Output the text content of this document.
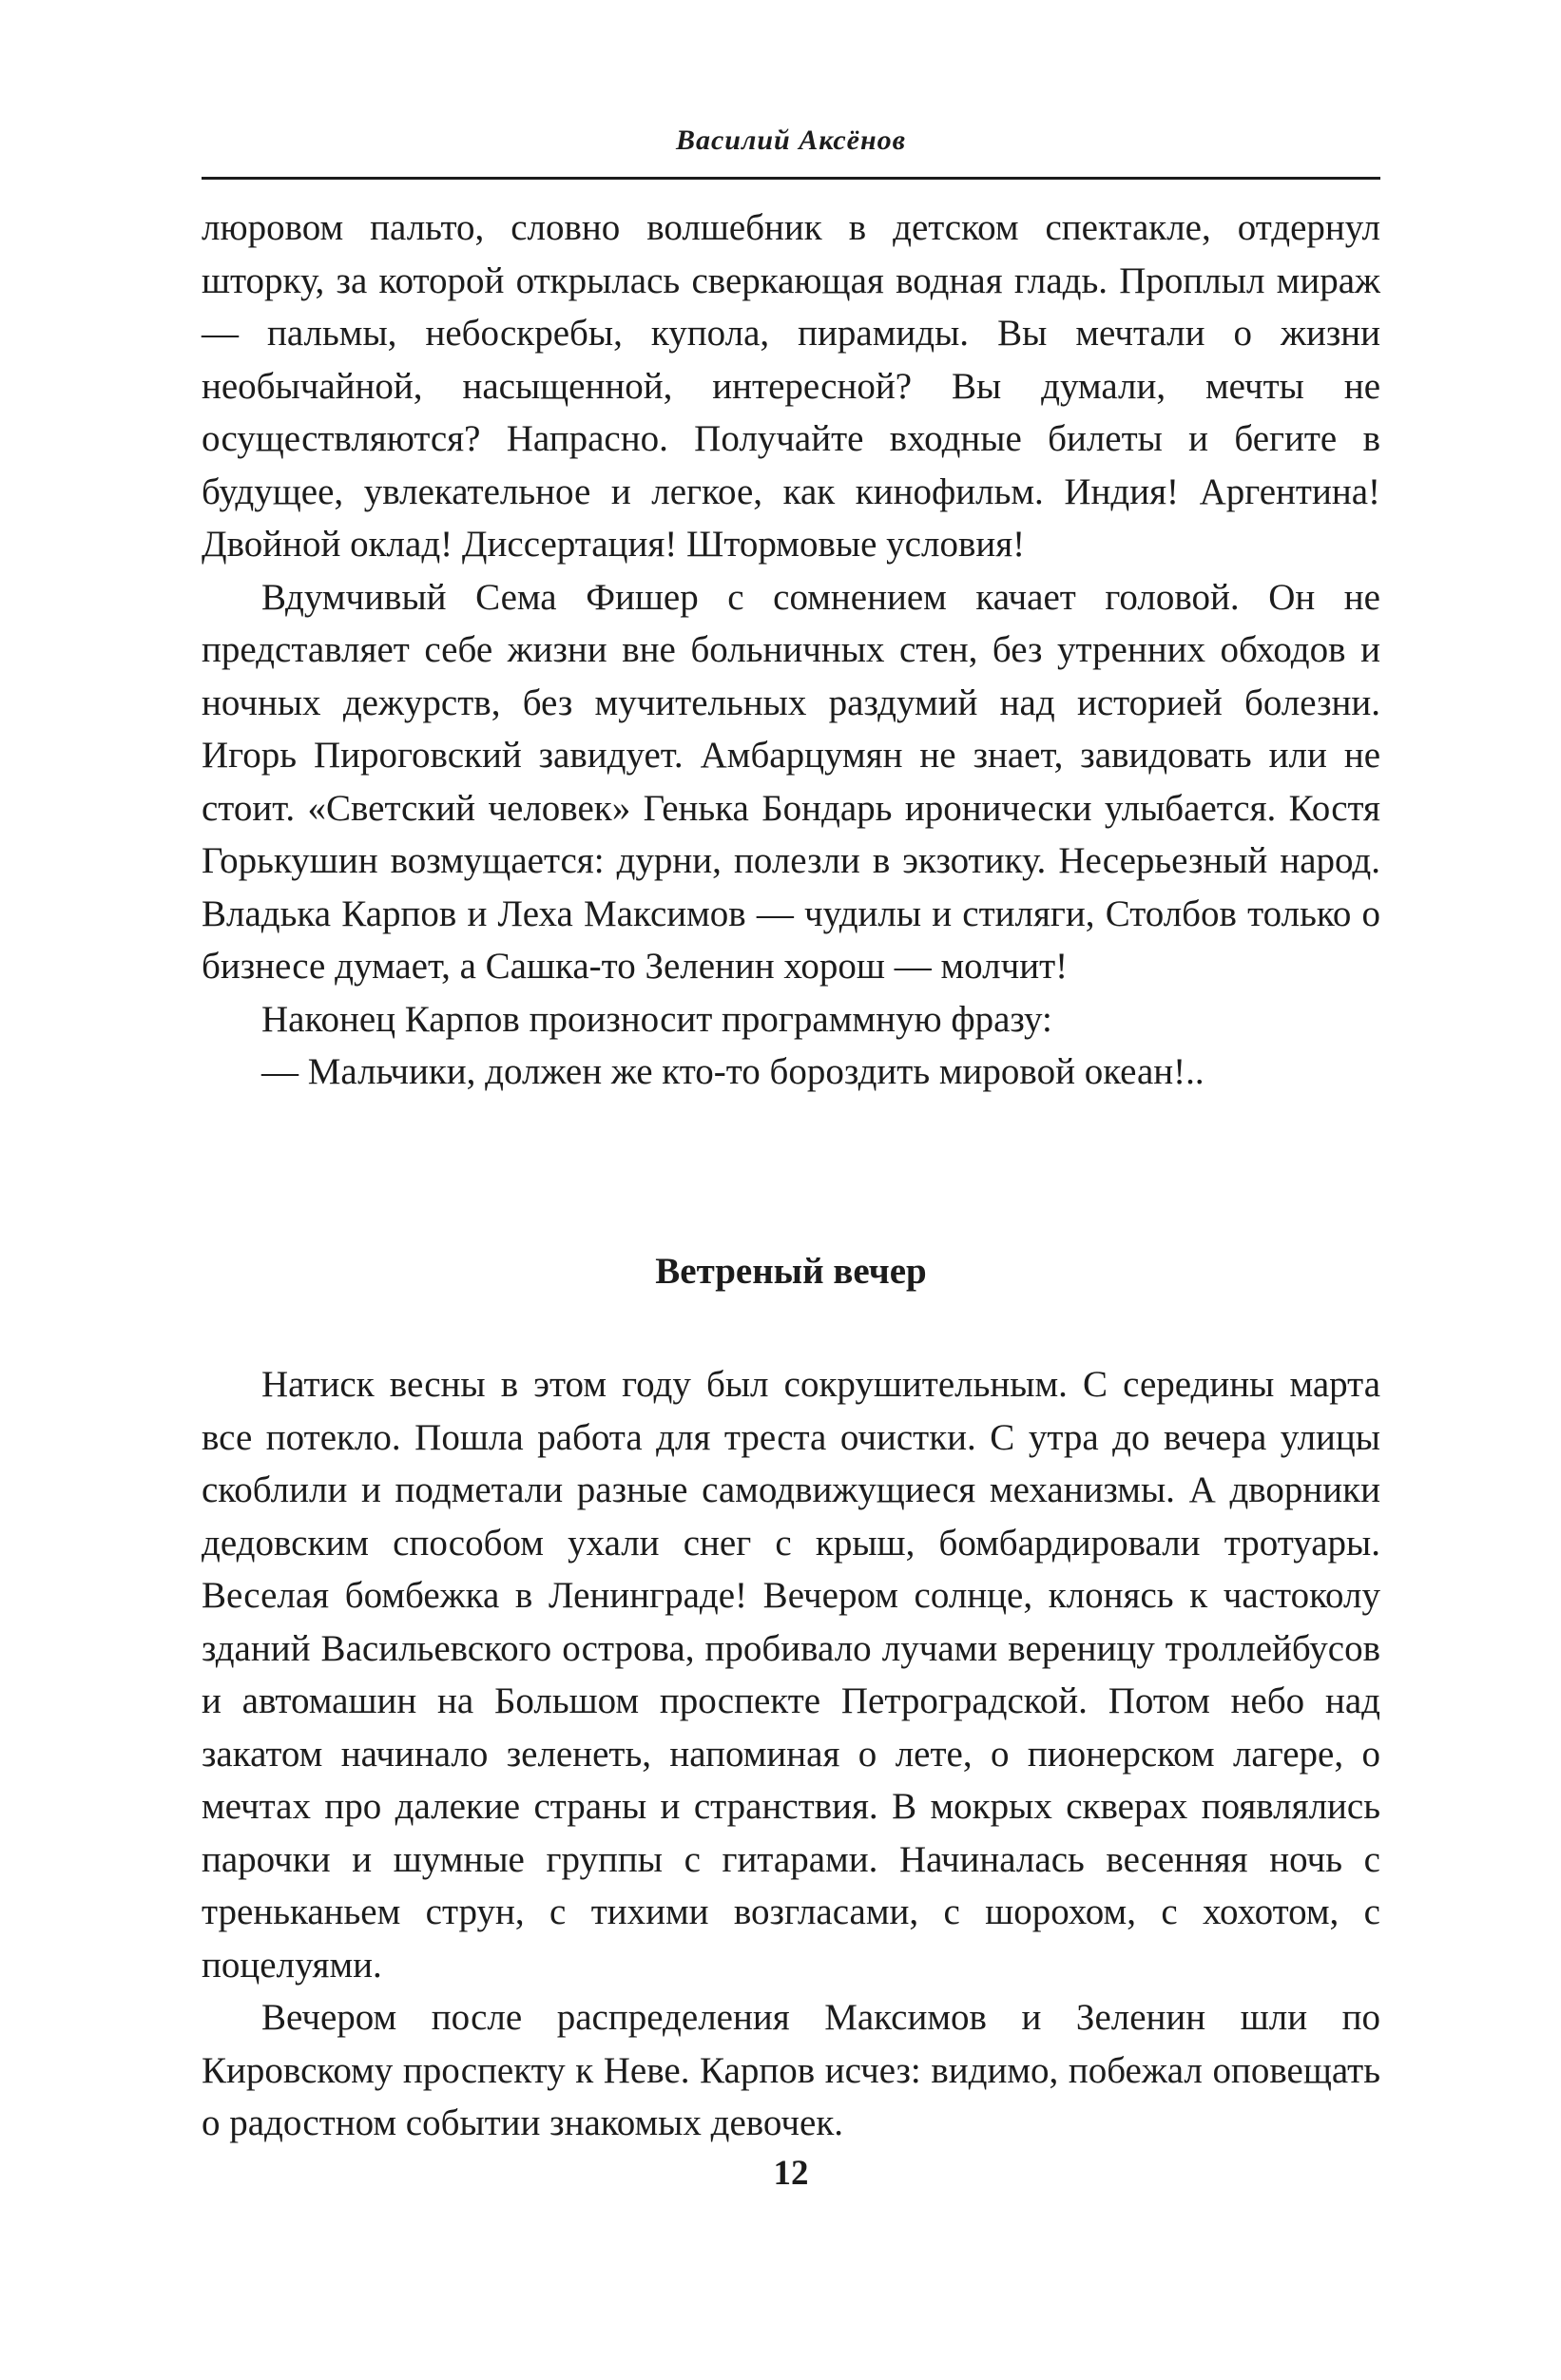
Василий Аксёнов

люровом пальто, словно волшебник в детском спектакле, отдернул шторку, за которой открылась сверкающая водная гладь. Проплыл мираж — пальмы, небоскребы, купола, пирамиды. Вы мечтали о жизни необычайной, насыщенной, интересной? Вы думали, мечты не осуществляются? Напрасно. Получайте входные билеты и бегите в будущее, увлекательное и легкое, как кинофильм. Индия! Аргентина! Двойной оклад! Диссертация! Штормовые условия!

Вдумчивый Сема Фишер с сомнением качает головой. Он не представляет себе жизни вне больничных стен, без утренних обходов и ночных дежурств, без мучительных раздумий над историей болезни. Игорь Пироговский завидует. Амбарцумян не знает, завидовать или не стоит. «Светский человек» Генька Бондарь иронически улыбается. Костя Горькушин возмущается: дурни, полезли в экзотику. Несерьезный народ. Владька Карпов и Леха Максимов — чудилы и стиляги, Столбов только о бизнесе думает, а Сашка-то Зеленин хорош — молчит!

Наконец Карпов произносит программную фразу:

— Мальчики, должен же кто-то бороздить мировой океан!..

Ветреный вечер

Натиск весны в этом году был сокрушительным. С середины марта все потекло. Пошла работа для треста очистки. С утра до вечера улицы скоблили и подметали разные самодвижущиеся механизмы. А дворники дедовским способом ухали снег с крыш, бомбардировали тротуары. Веселая бомбежка в Ленинграде! Вечером солнце, клонясь к частоколу зданий Васильевского острова, пробивало лучами вереницу троллейбусов и автомашин на Большом проспекте Петроградской. Потом небо над закатом начинало зеленеть, напоминая о лете, о пионерском лагере, о мечтах про далекие страны и странствия. В мокрых скверах появлялись парочки и шумные группы с гитарами. Начиналась весенняя ночь с треньканьем струн, с тихими возгласами, с шорохом, с хохотом, с поцелуями.

Вечером после распределения Максимов и Зеленин шли по Кировскому проспекту к Неве. Карпов исчез: видимо, побежал оповещать о радостном событии знакомых девочек.

12
